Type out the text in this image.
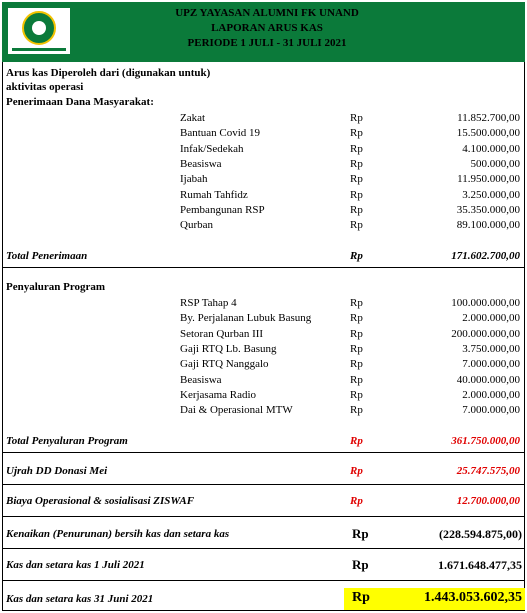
UPZ YAYASAN ALUMNI FK UNAND
LAPORAN ARUS KAS
PERIODE 1 JULI - 31 JULI 2021
Arus kas Diperoleh dari (digunakan untuk)
aktivitas operasi
Penerimaan Dana Masyarakat:
Zakat	Rp	11.852.700,00
Bantuan Covid 19	Rp	15.500.000,00
Infak/Sedekah	Rp	4.100.000,00
Beasiswa	Rp	500.000,00
Ijabah	Rp	11.950.000,00
Rumah Tahfidz	Rp	3.250.000,00
Pembangunan RSP	Rp	35.350.000,00
Qurban	Rp	89.100.000,00
Total Penerimaan	Rp	171.602.700,00
Penyaluran Program
RSP Tahap 4	Rp	100.000.000,00
By. Perjalanan Lubuk Basung	Rp	2.000.000,00
Setoran Qurban III	Rp	200.000.000,00
Gaji RTQ Lb. Basung	Rp	3.750.000,00
Gaji RTQ Nanggalo	Rp	7.000.000,00
Beasiswa	Rp	40.000.000,00
Kerjasama Radio	Rp	2.000.000,00
Dai & Operasional MTW	Rp	7.000.000,00
Total Penyaluran Program	Rp	361.750.000,00
Ujrah DD Donasi Mei	Rp	25.747.575,00
Biaya Operasional & sosialisasi ZISWAF	Rp	12.700.000,00
Kenaikan (Penurunan) bersih kas dan setara kas	Rp	(228.594.875,00)
Kas dan setara kas 1 Juli 2021	Rp	1.671.648.477,35
Kas dan setara kas 31 Juni 2021	Rp	1.443.053.602,35
